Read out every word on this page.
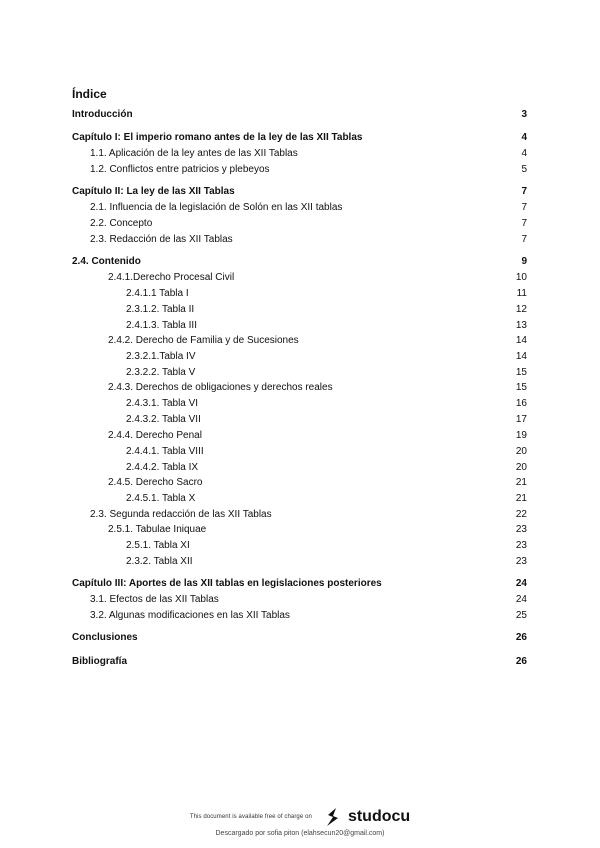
Índice
Introducción	3
Capítulo I: El imperio romano antes de la ley de las XII Tablas	4
1.1. Aplicación de la ley antes de las XII Tablas	4
1.2. Conflictos entre patricios y plebeyos	5
Capítulo II: La ley de las XII Tablas	7
2.1. Influencia de la legislación de Solón en las XII tablas	7
2.2. Concepto	7
2.3. Redacción de las XII Tablas	7
2.4. Contenido	9
2.4.1.Derecho Procesal Civil	10
2.4.1.1 Tabla I	11
2.3.1.2. Tabla II	12
2.4.1.3. Tabla III	13
2.4.2. Derecho de Familia y de Sucesiones	14
2.3.2.1.Tabla IV	14
2.3.2.2. Tabla V	15
2.4.3. Derechos de obligaciones y derechos reales	15
2.4.3.1. Tabla VI	16
2.4.3.2. Tabla VII	17
2.4.4. Derecho Penal	19
2.4.4.1. Tabla VIII	20
2.4.4.2. Tabla IX	20
2.4.5. Derecho Sacro	21
2.4.5.1. Tabla X	21
2.3. Segunda redacción de las XII Tablas	22
2.5.1. Tabulae Iniquae	23
2.5.1. Tabla XI	23
2.3.2. Tabla XII	23
Capítulo III: Aportes de las XII tablas en legislaciones posteriores	24
3.1. Efectos de las XII Tablas	24
3.2. Algunas modificaciones en las XII Tablas	25
Conclusiones	26
Bibliografía	26
This document is available free of charge on studocu
Descargado por sofia piton (elahsecun20@gmail.com)
